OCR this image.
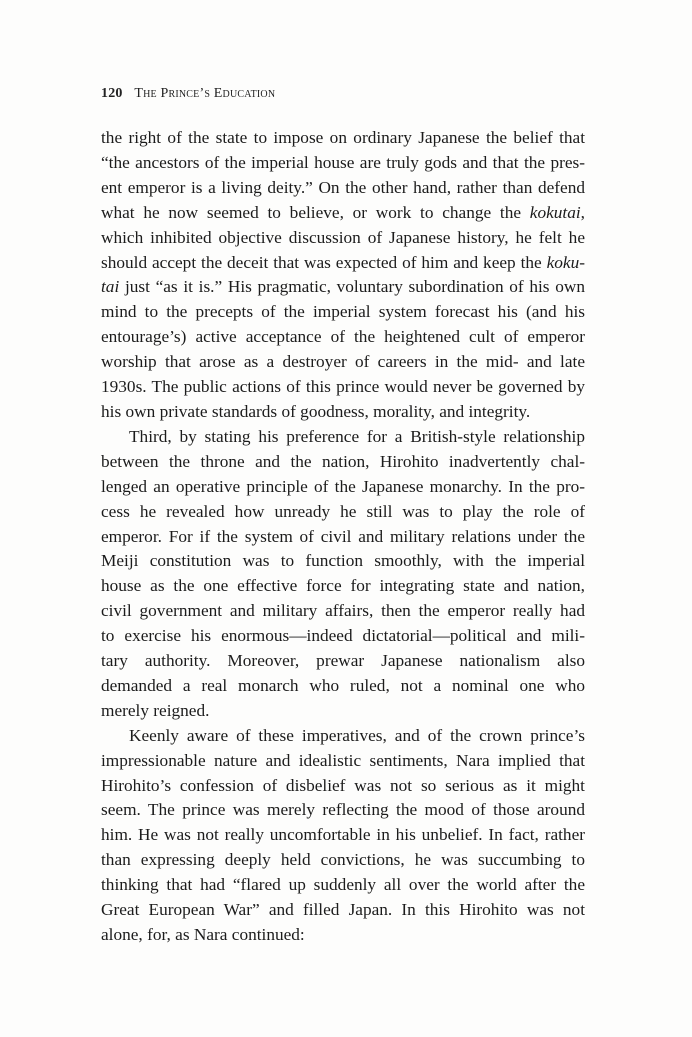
120 The Prince’s Education

the right of the state to impose on ordinary Japanese the belief that
“the ancestors of the imperial house are truly gods and that the pres-
ent emperor is a living deity.” On the other hand, rather than defend
what he now seemed to believe, or work to change the kokutai,
which inhibited objective discussion of Japanese history, he felt he
should accept the deceit that was expected of him and keep the koku-
tai just “as it is.” His pragmatic, voluntary subordination of his own
mind to the precepts of the imperial system forecast his (and his
entourage’s) active acceptance of the heightened cult of emperor
worship that arose as a destroyer of careers in the mid- and late
1930s. The public actions of this prince would never be governed by
his own private standards of goodness, morality, and integrity.

Third, by stating his preference for a British-style relationship
between the throne and the nation, Hirohito inadvertently chal-
lenged an operative principle of the Japanese monarchy. In the pro-
cess he revealed how unready he still was to play the role of
emperor. For if the system of civil and military relations under the
Meiji constitution was to function smoothly, with the imperial
house as the one effective force for integrating state and nation,
civil government and military affairs, then the emperor really had
to exercise his enormous—indeed dictatorial—political and mili-
tary authority. Moreover, prewar Japanese nationalism also
demanded a real monarch who ruled, not a nominal one who
merely reigned.

Keenly aware of these imperatives, and of the crown prince’s
impressionable nature and idealistic sentiments, Nara implied that
Hirohito’s confession of disbelief was not so serious as it might
seem. The prince was merely reflecting the mood of those around
him. He was not really uncomfortable in his unbelief. In fact, rather
than expressing deeply held convictions, he was succumbing to
thinking that had “flared up suddenly all over the world after the
Great European War” and filled Japan. In this Hirohito was not
alone, for, as Nara continued:
